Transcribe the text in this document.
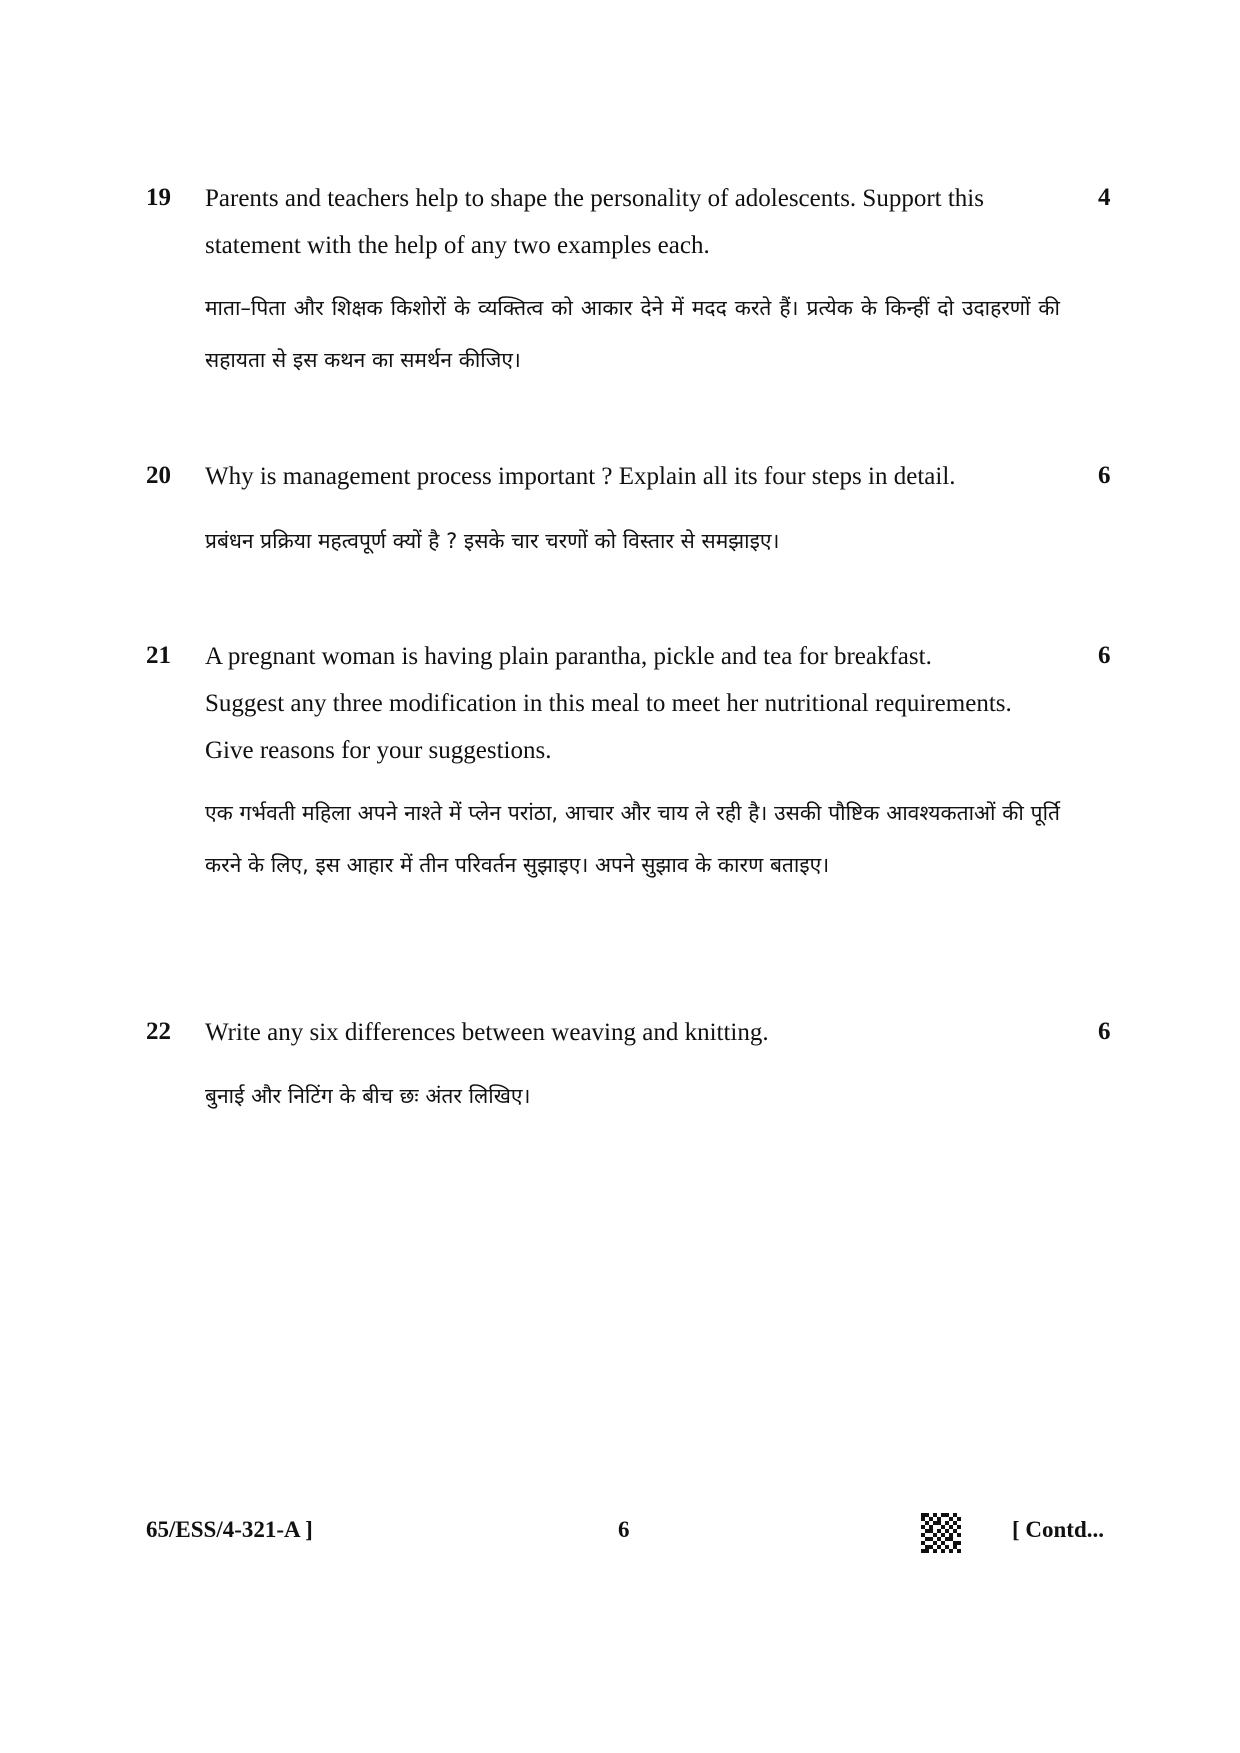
19 Parents and teachers help to shape the personality of adolescents. Support this
statement with the help of any two examples each.
4
माता–पिता और शिक्षक किशोरों के व्यक्तित्व को आकार देने में मदद करते हैं। प्रत्येक के किन्हीं दो उदाहरणों की सहायता से इस कथन का समर्थन कीजिए।
20 Why is management process important ? Explain all its four steps in detail.	6
प्रबंधन प्रक्रिया महत्वपूर्ण क्यों है ? इसके चार चरणों को विस्तार से समझाइए।
21 A pregnant woman is having plain parantha, pickle and tea for breakfast.
Suggest any three modification in this meal to meet her nutritional requirements.
Give reasons for your suggestions.
6
एक गर्भवती महिला अपने नाश्ते में प्लेन परांठा, आचार और चाय ले रही है। उसकी पौष्टिक आवश्यकताओं की पूर्ति करने के लिए, इस आहार में तीन परिवर्तन सुझाइए। अपने सुझाव के कारण बताइए।
22 Write any six differences between weaving and knitting.	6
बुनाई और निटिंग के बीच छः अंतर लिखिए।
65/ESS/4-321-A ]	6	[ Contd...
